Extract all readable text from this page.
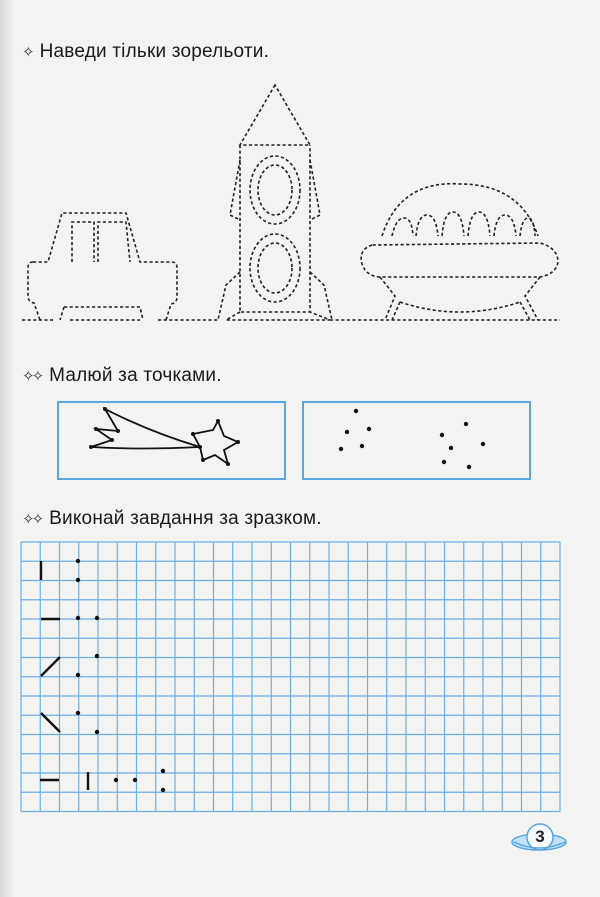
✧ Наведи тільки зорельоти.
✧✧ Малюй за точками.
✧✧ Виконай завдання за зразком.
3
